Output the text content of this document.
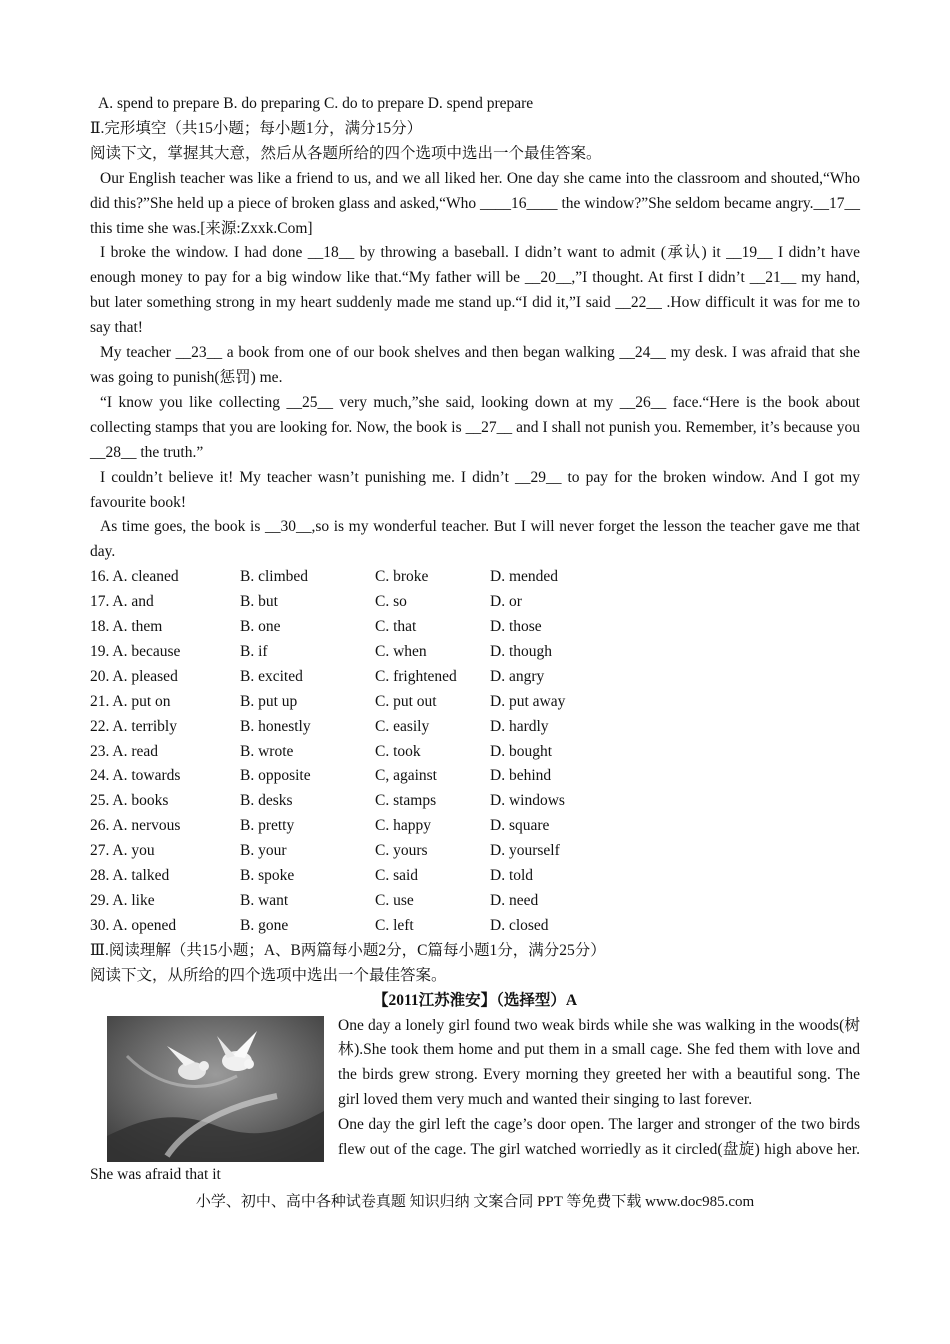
A. spend to prepare B. do preparing C. do to prepare D. spend prepare
Ⅱ.完形填空（共15小题；每小题1分，满分15分）
阅读下文，掌握其大意，然后从各题所给的四个选项中选出一个最佳答案。
Our English teacher was like a friend to us, and we all liked her. One day she came into the classroom and shouted,“Who did this?”She held up a piece of broken glass and asked,“Who ____16____ the window?”She seldom became angry.__17__ this time she was.[来源:Zxxk.Com]
I broke the window. I had done __18__ by throwing a baseball. I didn’t want to admit (承认) it __19__ I didn’t have enough money to pay for a big window like that.“My father will be __20__,”I thought. At first I didn’t __21__ my hand, but later something strong in my heart suddenly made me stand up.“I did it,”I said __22__ .How difficult it was for me to say that!
My teacher __23__ a book from one of our book shelves and then began walking __24__ my desk. I was afraid that she was going to punish(惩罚) me.
“I know you like collecting __25__ very much,”she said, looking down at my __26__ face.“Here is the book about collecting stamps that you are looking for. Now, the book is __27__ and I shall not punish you. Remember, it’s because you __28__ the truth.”
I couldn’t believe it! My teacher wasn’t punishing me. I didn’t __29__ to pay for the broken window. And I got my favourite book!
As time goes, the book is __30__,so is my wonderful teacher. But I will never forget the lesson the teacher gave me that day.
16. A. cleaned	B. climbed	C. broke	D. mended
17. A. and	B. but	C. so	D. or
18. A. them	B. one	C. that	D. those
19. A. because	B. if	C. when	D. though
20. A. pleased	B. excited	C. frightened	D. angry
21. A. put on	B. put up	C. put out	D. put away
22. A. terribly	B. honestly	C. easily	D. hardly
23. A. read	B. wrote	C. took	D. bought
24. A. towards	B. opposite	C, against	D. behind
25. A. books	B. desks	C. stamps	D. windows
26. A. nervous	B. pretty	C. happy	D. square
27. A. you	B. your	C. yours	D. yourself
28. A. talked	B. spoke	C. said	D. told
29. A. like	B. want	C. use	D. need
30. A. opened	B. gone	C. left	D. closed
Ⅲ.阅读理解（共15小题；A、B两篇每小题2分，C篇每小题1分，满分25分）
阅读下文，从所给的四个选项中选出一个最佳答案。
【2011江苏淮安】（选择型）A
One day a lonely girl found two weak birds while she was walking in the woods(树林).She took them home and put them in a small cage. She fed them with love and the birds grew strong. Every morning they greeted her with a beautiful song. The girl loved them very much and wanted their singing to last forever.
One day the girl left the cage’s door open. The larger and stronger of the two birds flew out of the cage. The girl watched worriedly as it circled(盘旋) high above her. She was afraid that it
小学、初中、高中各种试卷真题 知识归纳 文案合同 PPT 等免费下载 www.doc985.com
